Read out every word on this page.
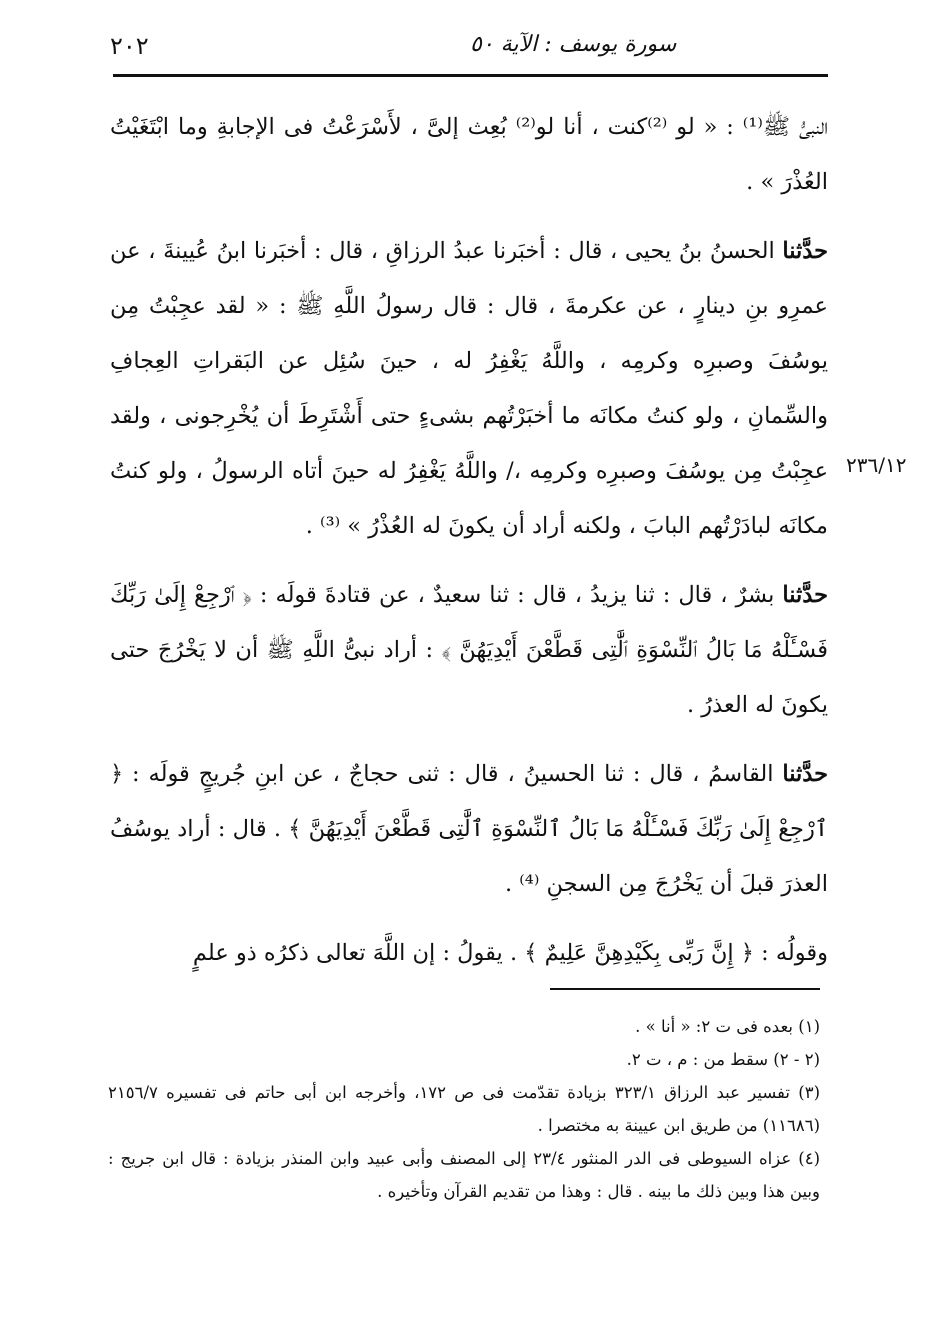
٢٠٢	سورة يوسف : الآية ٥٠
٢٣٦/١٢

النبىُّ ﷺ⁽¹⁾ : « لو ⁽²⁾كنت ، أنا لو⁽²⁾ بُعِث إلىَّ ، لأَسْرَعْتُ فى الإجابةِ وما ابْتَغَيْتُ العُذْرَ » .

حدَّثنا الحسنُ بنُ يحيى ، قال : أخبَرنا عبدُ الرزاقِ ، قال : أخبَرنا ابنُ عُيينةَ ، عن عمرِو بنِ دينارٍ ، عن عكرمةَ ، قال : قال رسولُ اللَّهِ ﷺ : « لقد عجِبْتُ مِن يوسُفَ وصبرِه وكرمِه ، واللَّهُ يَغْفِرُ له ، حينَ سُئِل عن البَقراتِ العِجافِ والسِّمانِ ، ولو كنتُ مكانَه ما أخبَرْتُهم بشىءٍ حتى أَشْتَرِطَ أن يُخْرِجونى ، ولقد عجِبْتُ مِن يوسُفَ وصبرِه وكرمِه ،/ واللَّهُ يَغْفِرُ له حينَ أتاه الرسولُ ، ولو كنتُ مكانَه لبادَرْتُهم البابَ ، ولكنه أراد أن يكونَ له العُذْرُ » ⁽³⁾ .

حدَّثنا بشرٌ ، قال : ثنا يزيدُ ، قال : ثنا سعيدٌ ، عن قتادةَ قولَه : ﴿ ٱرْجِعْ إِلَىٰ رَبِّكَ فَسْـَٔلْهُ مَا بَالُ ٱلنِّسْوَةِ ٱلَّٰتِى قَطَّعْنَ أَيْدِيَهُنَّ ﴾ : أراد نبىُّ اللَّهِ ﷺ أن لا يَخْرُجَ حتى يكونَ له العذرُ .

حدَّثنا القاسمُ ، قال : ثنا الحسينُ ، قال : ثنى حجاجٌ ، عن ابنِ جُريجٍ قولَه : ﴿ ٱرْجِعْ إِلَىٰ رَبِّكَ فَسْـَٔلْهُ مَا بَالُ ٱلنِّسْوَةِ ٱلَّٰتِى قَطَّعْنَ أَيْدِيَهُنَّ ﴾ . قال : أراد يوسُفُ العذرَ قبلَ أن يَخْرُجَ مِن السجنِ ⁽⁴⁾ .

وقولُه : ﴿ إِنَّ رَبِّى بِكَيْدِهِنَّ عَلِيمٌ ﴾ . يقولُ : إن اللَّهَ تعالى ذكرُه ذو علمٍ

(١) بعده فى ت ٢: « أنا » .

(٢ - ٢) سقط من : م ، ت ٢.

(٣) تفسير عبد الرزاق ٣٢٣/١ بزيادة تقدّمت فى ص ١٧٢، وأخرجه ابن أبى حاتم فى تفسيره ٢١٥٦/٧ (١١٦٨٦) من طريق ابن عيينة به مختصرا .

(٤) عزاه السيوطى فى الدر المنثور ٢٣/٤ إلى المصنف وأبى عبيد وابن المنذر بزيادة : قال ابن جريج : وبين هذا وبين ذلك ما بينه . قال : وهذا من تقديم القرآن وتأخيره .
